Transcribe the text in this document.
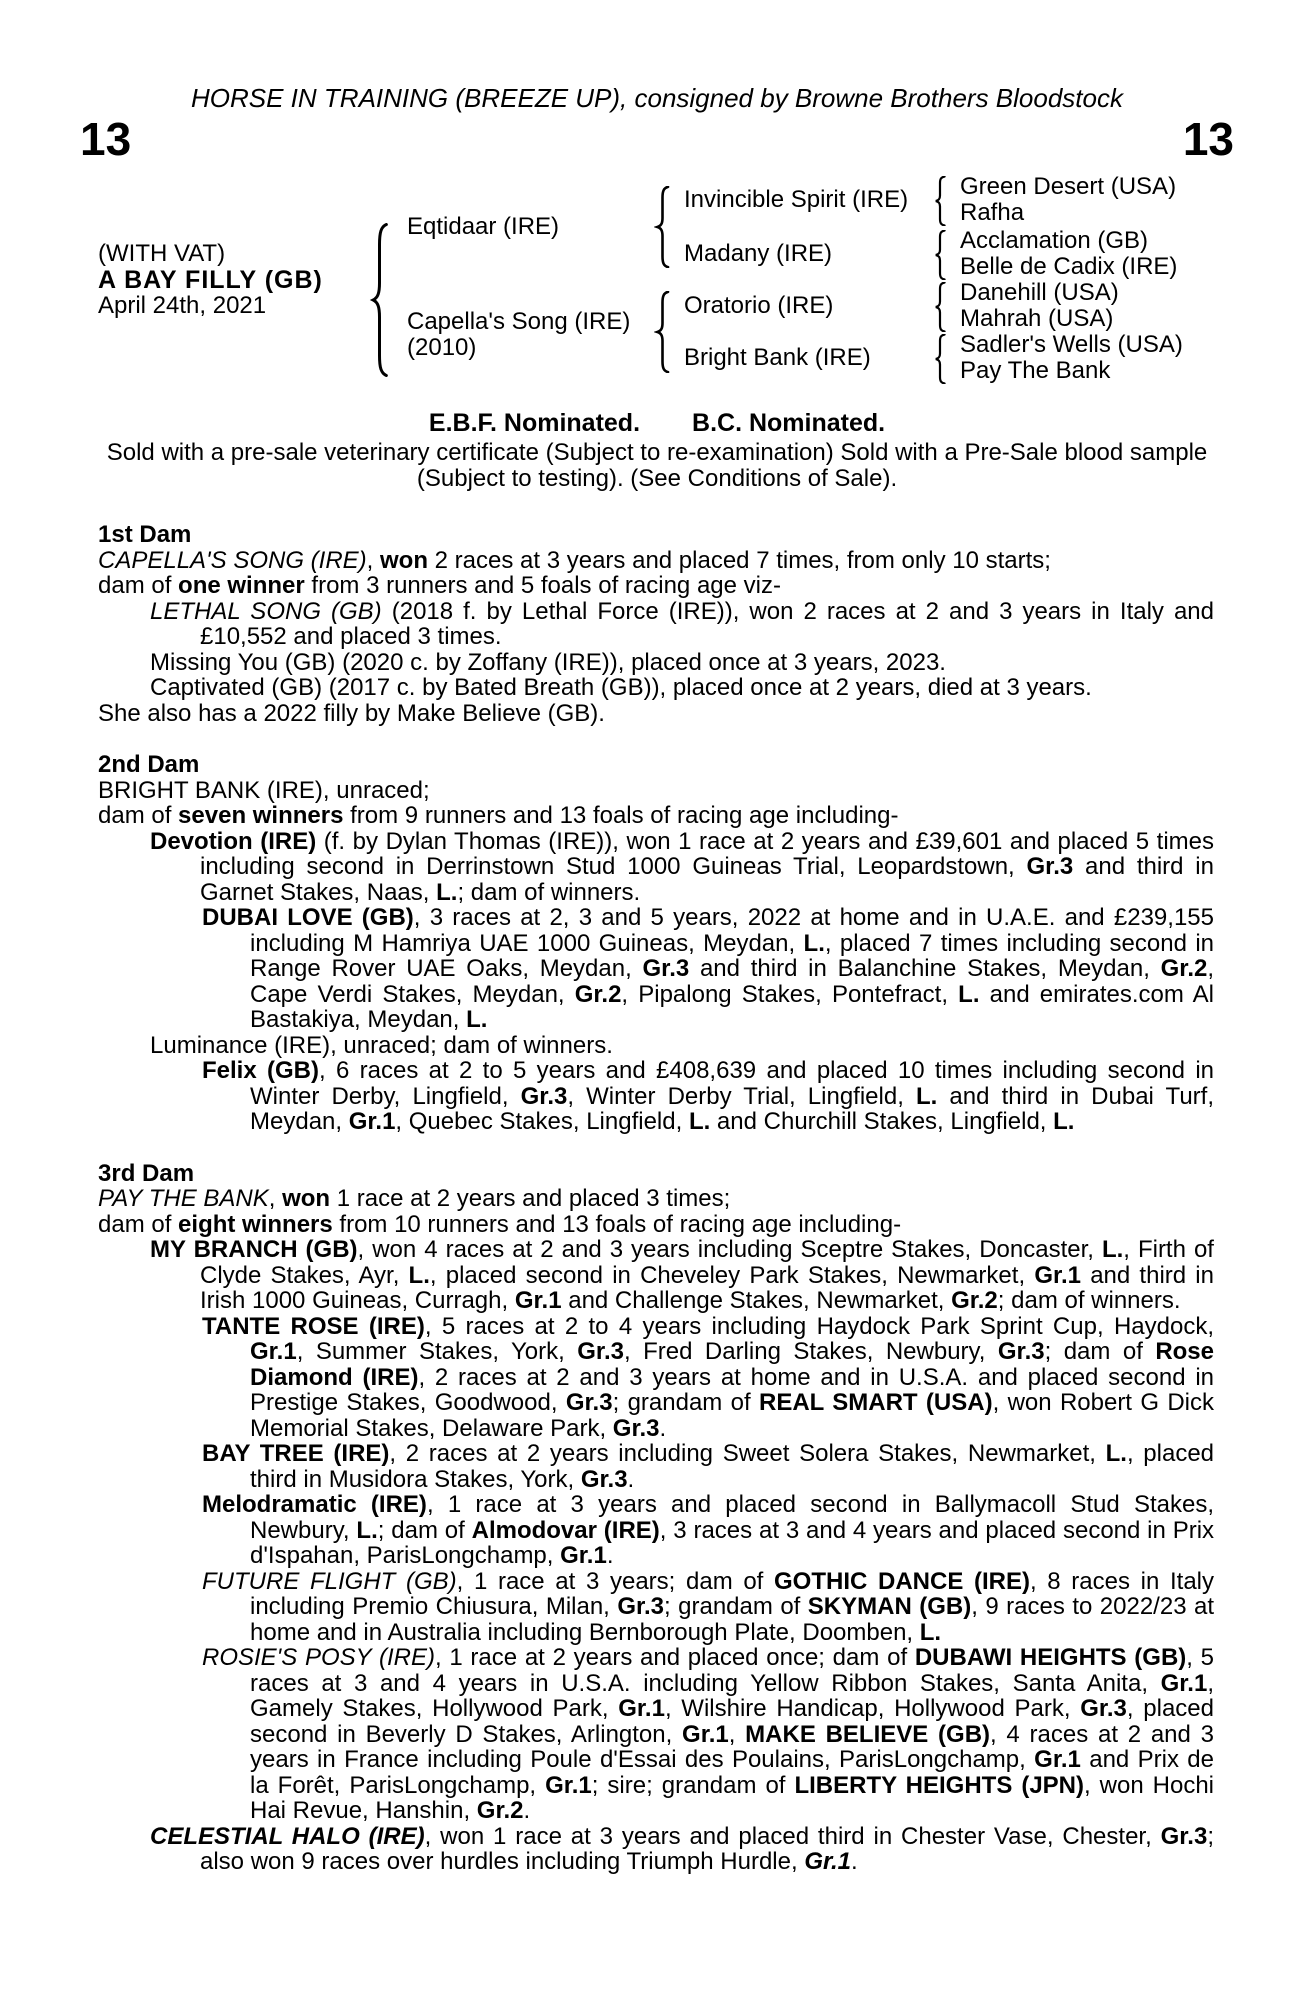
HORSE IN TRAINING (BREEZE UP), consigned by Browne Brothers Bloodstock
13	13
(WITH VAT)
A BAY FILLY (GB)
April 24th, 2021
Eqtidaar (IRE)
Capella's Song (IRE)
(2010)
Invincible Spirit (IRE)
Madany (IRE)
Oratorio (IRE)
Bright Bank (IRE)
Green Desert (USA)
Rafha
Acclamation (GB)
Belle de Cadix (IRE)
Danehill (USA)
Mahrah (USA)
Sadler's Wells (USA)
Pay The Bank
E.B.F. Nominated. B.C. Nominated.
Sold with a pre-sale veterinary certificate (Subject to re-examination) Sold with a Pre-Sale blood sample (Subject to testing). (See Conditions of Sale).
1st Dam
CAPELLA'S SONG (IRE), won 2 races at 3 years and placed 7 times, from only 10 starts;
dam of one winner from 3 runners and 5 foals of racing age viz-
LETHAL SONG (GB) (2018 f. by Lethal Force (IRE)), won 2 races at 2 and 3 years in Italy and £10,552 and placed 3 times.
Missing You (GB) (2020 c. by Zoffany (IRE)), placed once at 3 years, 2023.
Captivated (GB) (2017 c. by Bated Breath (GB)), placed once at 2 years, died at 3 years.
She also has a 2022 filly by Make Believe (GB).
2nd Dam
BRIGHT BANK (IRE), unraced;
dam of seven winners from 9 runners and 13 foals of racing age including-
Devotion (IRE) (f. by Dylan Thomas (IRE)), won 1 race at 2 years and £39,601 and placed 5 times including second in Derrinstown Stud 1000 Guineas Trial, Leopardstown, Gr.3 and third in Garnet Stakes, Naas, L.; dam of winners.
DUBAI LOVE (GB), 3 races at 2, 3 and 5 years, 2022 at home and in U.A.E. and £239,155 including M Hamriya UAE 1000 Guineas, Meydan, L., placed 7 times including second in Range Rover UAE Oaks, Meydan, Gr.3 and third in Balanchine Stakes, Meydan, Gr.2, Cape Verdi Stakes, Meydan, Gr.2, Pipalong Stakes, Pontefract, L. and emirates.com Al Bastakiya, Meydan, L.
Luminance (IRE), unraced; dam of winners.
Felix (GB), 6 races at 2 to 5 years and £408,639 and placed 10 times including second in Winter Derby, Lingfield, Gr.3, Winter Derby Trial, Lingfield, L. and third in Dubai Turf, Meydan, Gr.1, Quebec Stakes, Lingfield, L. and Churchill Stakes, Lingfield, L.
3rd Dam
PAY THE BANK, won 1 race at 2 years and placed 3 times;
dam of eight winners from 10 runners and 13 foals of racing age including-
MY BRANCH (GB), won 4 races at 2 and 3 years including Sceptre Stakes, Doncaster, L., Firth of Clyde Stakes, Ayr, L., placed second in Cheveley Park Stakes, Newmarket, Gr.1 and third in Irish 1000 Guineas, Curragh, Gr.1 and Challenge Stakes, Newmarket, Gr.2; dam of winners.
TANTE ROSE (IRE), 5 races at 2 to 4 years including Haydock Park Sprint Cup, Haydock, Gr.1, Summer Stakes, York, Gr.3, Fred Darling Stakes, Newbury, Gr.3; dam of Rose Diamond (IRE), 2 races at 2 and 3 years at home and in U.S.A. and placed second in Prestige Stakes, Goodwood, Gr.3; grandam of REAL SMART (USA), won Robert G Dick Memorial Stakes, Delaware Park, Gr.3.
BAY TREE (IRE), 2 races at 2 years including Sweet Solera Stakes, Newmarket, L., placed third in Musidora Stakes, York, Gr.3.
Melodramatic (IRE), 1 race at 3 years and placed second in Ballymacoll Stud Stakes, Newbury, L.; dam of Almodovar (IRE), 3 races at 3 and 4 years and placed second in Prix d'Ispahan, ParisLongchamp, Gr.1.
FUTURE FLIGHT (GB), 1 race at 3 years; dam of GOTHIC DANCE (IRE), 8 races in Italy including Premio Chiusura, Milan, Gr.3; grandam of SKYMAN (GB), 9 races to 2022/23 at home and in Australia including Bernborough Plate, Doomben, L.
ROSIE'S POSY (IRE), 1 race at 2 years and placed once; dam of DUBAWI HEIGHTS (GB), 5 races at 3 and 4 years in U.S.A. including Yellow Ribbon Stakes, Santa Anita, Gr.1, Gamely Stakes, Hollywood Park, Gr.1, Wilshire Handicap, Hollywood Park, Gr.3, placed second in Beverly D Stakes, Arlington, Gr.1, MAKE BELIEVE (GB), 4 races at 2 and 3 years in France including Poule d'Essai des Poulains, ParisLongchamp, Gr.1 and Prix de la Forêt, ParisLongchamp, Gr.1; sire; grandam of LIBERTY HEIGHTS (JPN), won Hochi Hai Revue, Hanshin, Gr.2.
CELESTIAL HALO (IRE), won 1 race at 3 years and placed third in Chester Vase, Chester, Gr.3; also won 9 races over hurdles including Triumph Hurdle, Gr.1.
